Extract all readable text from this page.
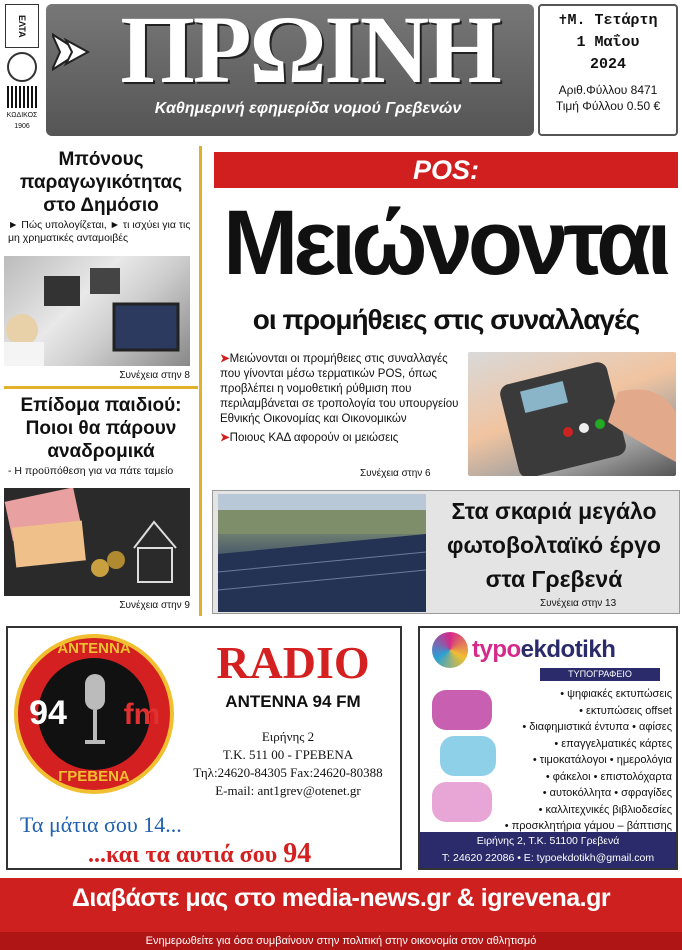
ΕΛΤΑ
ΚΩΔΙΚΟΣ
1906
ΠΡΩΙΝΗ
Καθημερινή εφημερίδα νομού Γρεβενών
✝Μ. Τετάρτη
1 Μαΐου
2024
Αριθ.Φύλλου 8471
Τιμή Φύλλου 0.50 €
Μπόνους παραγωγικότητας στο Δημόσιο
► Πώς υπολογίζεται, ► τι ισχύει για τις μη χρηματικές ανταμοιβές
Συνέχεια στην 8
Επίδομα παιδιού: Ποιοι θα πάρουν αναδρομικά
- Η προϋπόθεση για να πάτε ταμείο
Συνέχεια στην 9
POS:
Μειώνονται
οι προμήθειες στις συναλλαγές
➤Μειώνονται οι προμήθειες στις συναλλαγές που γίνονται μέσω τερματικών POS, όπως προβλέπει η νομοθετική ρύθμιση που περιλαμβάνεται σε τροπολογία του υπουργείου Εθνικής Οικονομίας και Οικονομικών
➤Ποιους ΚΑΔ αφορούν οι μειώσεις
Συνέχεια στην 6
Στα σκαριά μεγάλο φωτοβολταϊκό έργο στα Γρεβενά
Συνέχεια στην 13
ΑΝΤΕΝΝΑ
94	fm
ΓΡΕΒΕΝΑ
RADIO
ANTENNA 94 FM
Ειρήνης 2
Τ.Κ. 511 00 - ΓΡΕΒΕΝΑ
Τηλ:24620-84305 Fax:24620-80388
E-mail: ant1grev@otenet.gr
Τα μάτια σου 14...
...και τα αυτιά σου 94
typoekdotikh
ΤΥΠΟΓΡΑΦΕΙΟ
• ψηφιακές εκτυπώσεις
• εκτυπώσεις offset
• διαφημιστικά έντυπα • αφίσες
• επαγγελματικές κάρτες
• τιμοκατάλογοι • ημερολόγια
• φάκελοι • επιστολόχαρτα
• αυτοκόλλητα • σφραγίδες
• καλλιτεχνικές βιβλιοδεσίες
• προσκλητήρια γάμου – βάπτισης
Ειρήνης 2, Τ.Κ. 51100 Γρεβενά
Τ: 24620 22086 • E: typoekdotikh@gmail.com
Διαβάστε μας στο media-news.gr & igrevena.gr
Ενημερωθείτε για όσα συμβαίνουν στην πολιτική στην οικονομία στον αθλητισμό
